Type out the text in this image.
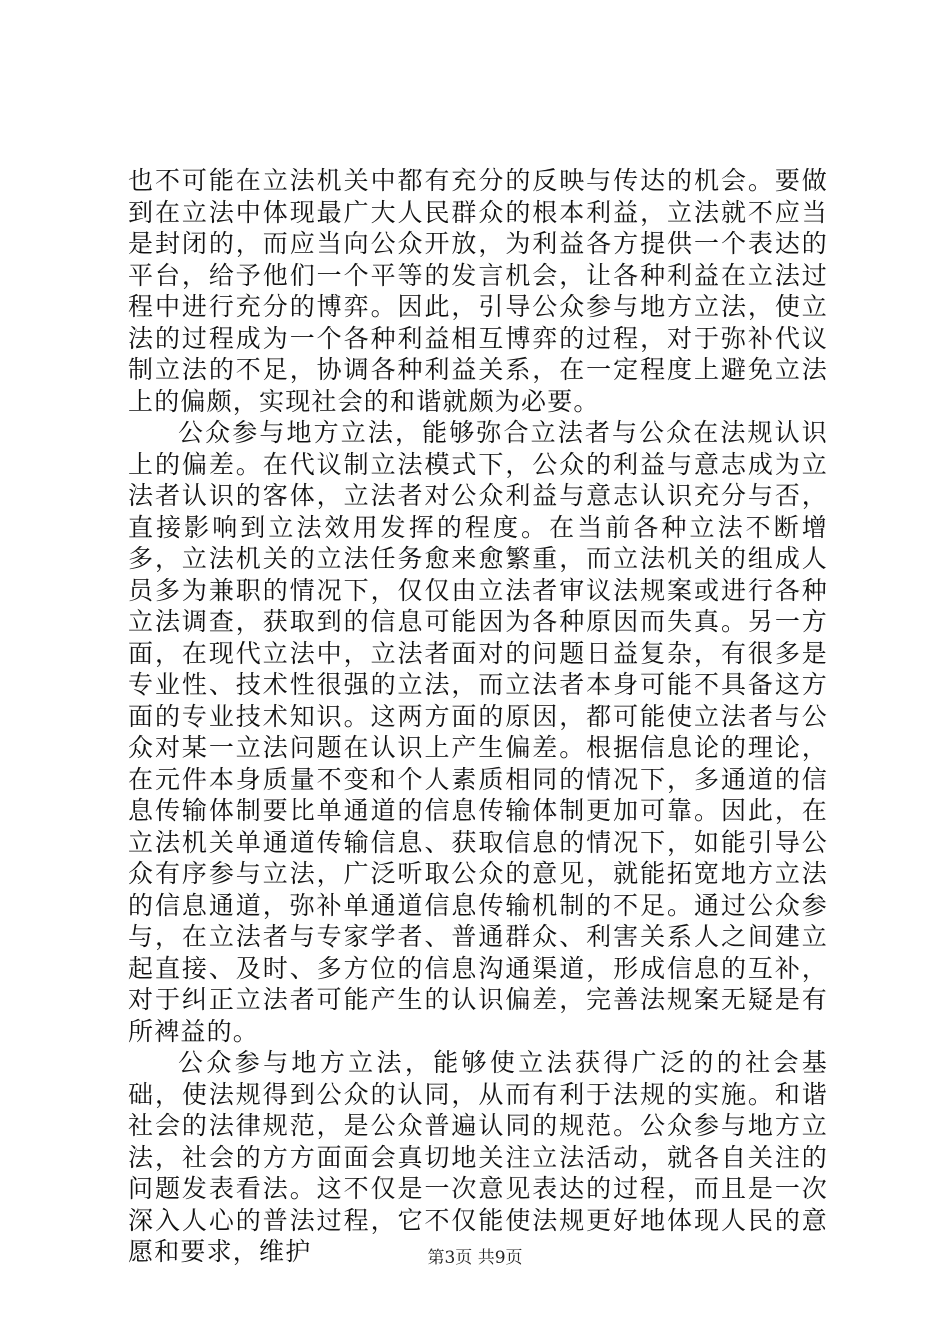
也不可能在立法机关中都有充分的反映与传达的机会。要做到在立法中体现最广大人民群众的根本利益，立法就不应当是封闭的，而应当向公众开放，为利益各方提供一个表达的平台，给予他们一个平等的发言机会，让各种利益在立法过程中进行充分的博弈。因此，引导公众参与地方立法，使立法的过程成为一个各种利益相互博弈的过程，对于弥补代议制立法的不足，协调各种利益关系，在一定程度上避免立法上的偏颇，实现社会的和谐就颇为必要。

公众参与地方立法，能够弥合立法者与公众在法规认识上的偏差。在代议制立法模式下，公众的利益与意志成为立法者认识的客体，立法者对公众利益与意志认识充分与否，直接影响到立法效用发挥的程度。在当前各种立法不断增多，立法机关的立法任务愈来愈繁重，而立法机关的组成人员多为兼职的情况下，仅仅由立法者审议法规案或进行各种立法调查，获取到的信息可能因为各种原因而失真。另一方面，在现代立法中，立法者面对的问题日益复杂，有很多是专业性、技术性很强的立法，而立法者本身可能不具备这方面的专业技术知识。这两方面的原因，都可能使立法者与公众对某一立法问题在认识上产生偏差。根据信息论的理论，在元件本身质量不变和个人素质相同的情况下，多通道的信息传输体制要比单通道的信息传输体制更加可靠。因此，在立法机关单通道传输信息、获取信息的情况下，如能引导公众有序参与立法，广泛听取公众的意见，就能拓宽地方立法的信息通道，弥补单通道信息传输机制的不足。通过公众参与，在立法者与专家学者、普通群众、利害关系人之间建立起直接、及时、多方位的信息沟通渠道，形成信息的互补，对于纠正立法者可能产生的认识偏差，完善法规案无疑是有所裨益的。

公众参与地方立法，能够使立法获得广泛的的社会基础，使法规得到公众的认同，从而有利于法规的实施。和谐社会的法律规范，是公众普遍认同的规范。公众参与地方立法，社会的方方面面会真切地关注立法活动，就各自关注的问题发表看法。这不仅是一次意见表达的过程，而且是一次深入人心的普法过程，它不仅能使法规更好地体现人民的意愿和要求，维护	第3页 共9页
